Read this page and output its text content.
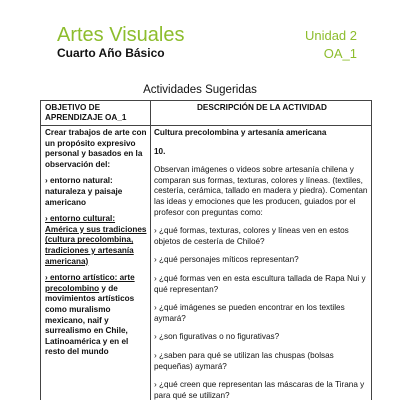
Artes Visuales
Cuarto Año Básico
Unidad 2
OA_1
Actividades Sugeridas
OBJETIVO DE APRENDIZAJE OA_1
DESCRIPCIÓN DE LA ACTIVIDAD

Crear trabajos de arte con un propósito expresivo personal y basados en la observación del:

› entorno natural: naturaleza y paisaje americano

› entorno cultural: América y sus tradiciones (cultura precolombina, tradiciones y artesanía americana)

› entorno artístico: arte precolombino y de movimientos artísticos como muralismo mexicano, naif y surrealismo en Chile, Latinoamérica y en el resto del mundo

Cultura precolombina y artesanía americana
10.
Observan imágenes o videos sobre artesanía chilena y comparan sus formas, texturas, colores y líneas. (textiles, cestería, cerámica, tallado en madera y piedra). Comentan las ideas y emociones que les producen, guiados por el profesor con preguntas como:
› ¿qué formas, texturas, colores y líneas ven en estos objetos de cestería de Chiloé?
› ¿qué personajes míticos representan?
› ¿qué formas ven en esta escultura tallada de Rapa Nui y qué representan?
› ¿qué imágenes se pueden encontrar en los textiles aymará?
› ¿son figurativas o no figurativas?
› ¿saben para qué se utilizan las chuspas (bolsas pequeñas) aymará?
› ¿qué creen que representan las máscaras de la Tirana y para qué se utilizan?
